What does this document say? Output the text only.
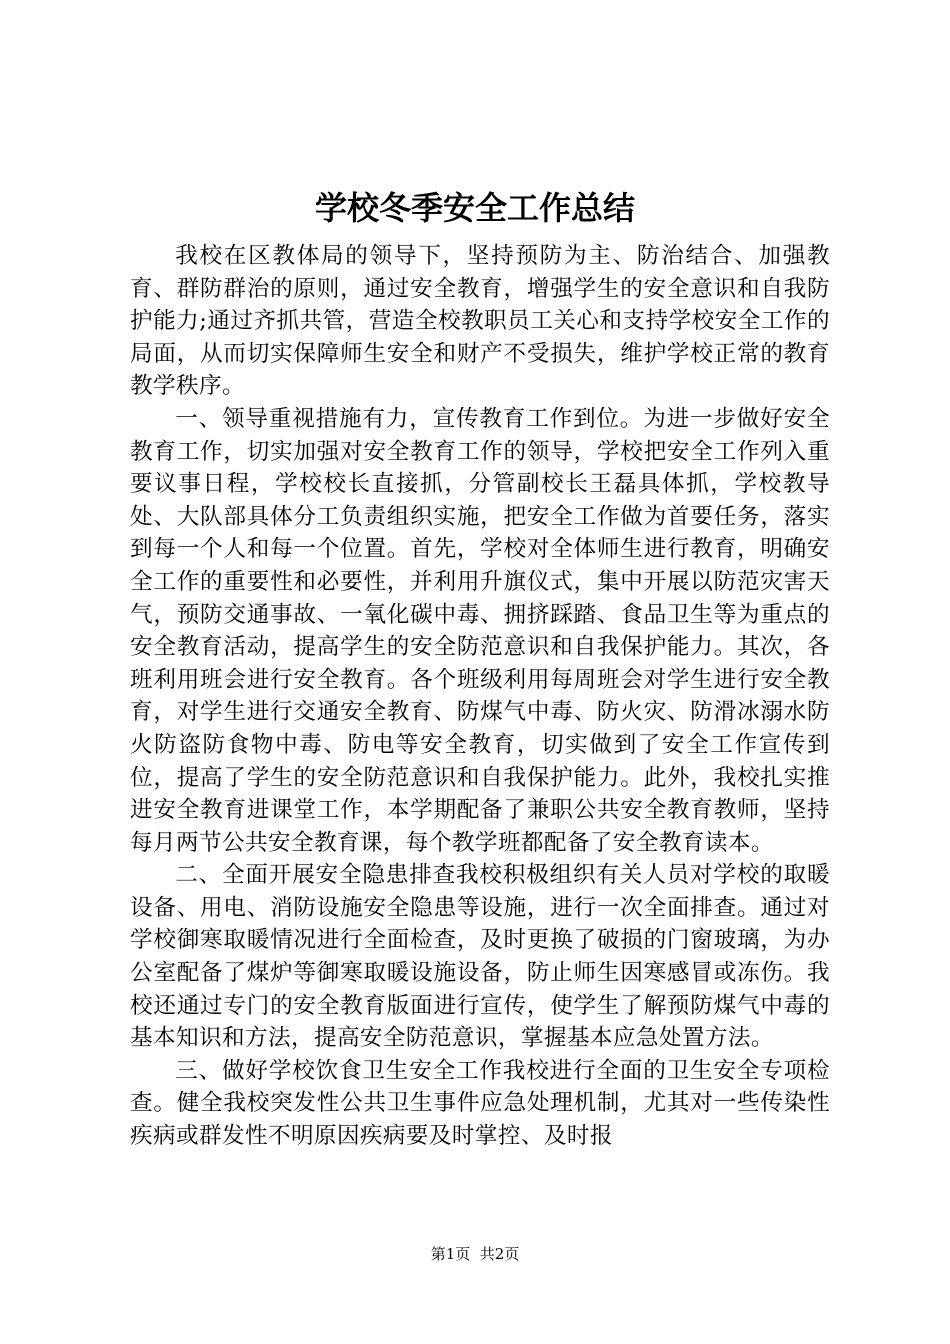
学校冬季安全工作总结

我校在区教体局的领导下，坚持预防为主、防治结合、加强教育、群防群治的原则，通过安全教育，增强学生的安全意识和自我防护能力;通过齐抓共管，营造全校教职员工关心和支持学校安全工作的局面，从而切实保障师生安全和财产不受损失，维护学校正常的教育教学秩序。

一、领导重视措施有力，宣传教育工作到位。为进一步做好安全教育工作，切实加强对安全教育工作的领导，学校把安全工作列入重要议事日程，学校校长直接抓，分管副校长王磊具体抓，学校教导处、大队部具体分工负责组织实施，把安全工作做为首要任务，落实到每一个人和每一个位置。首先，学校对全体师生进行教育，明确安全工作的重要性和必要性，并利用升旗仪式，集中开展以防范灾害天气，预防交通事故、一氧化碳中毒、拥挤踩踏、食品卫生等为重点的安全教育活动，提高学生的安全防范意识和自我保护能力。其次，各班利用班会进行安全教育。各个班级利用每周班会对学生进行安全教育，对学生进行交通安全教育、防煤气中毒、防火灾、防滑冰溺水防火防盗防食物中毒、防电等安全教育，切实做到了安全工作宣传到位，提高了学生的安全防范意识和自我保护能力。此外，我校扎实推进安全教育进课堂工作，本学期配备了兼职公共安全教育教师，坚持每月两节公共安全教育课，每个教学班都配备了安全教育读本。

二、全面开展安全隐患排查我校积极组织有关人员对学校的取暖设备、用电、消防设施安全隐患等设施，进行一次全面排查。通过对学校御寒取暖情况进行全面检查，及时更换了破损的门窗玻璃，为办公室配备了煤炉等御寒取暖设施设备，防止师生因寒感冒或冻伤。我校还通过专门的安全教育版面进行宣传，使学生了解预防煤气中毒的基本知识和方法，提高安全防范意识，掌握基本应急处置方法。

三、做好学校饮食卫生安全工作我校进行全面的卫生安全专项检查。健全我校突发性公共卫生事件应急处理机制，尤其对一些传染性疾病或群发性不明原因疾病要及时掌控、及时报

第1页  共2页
